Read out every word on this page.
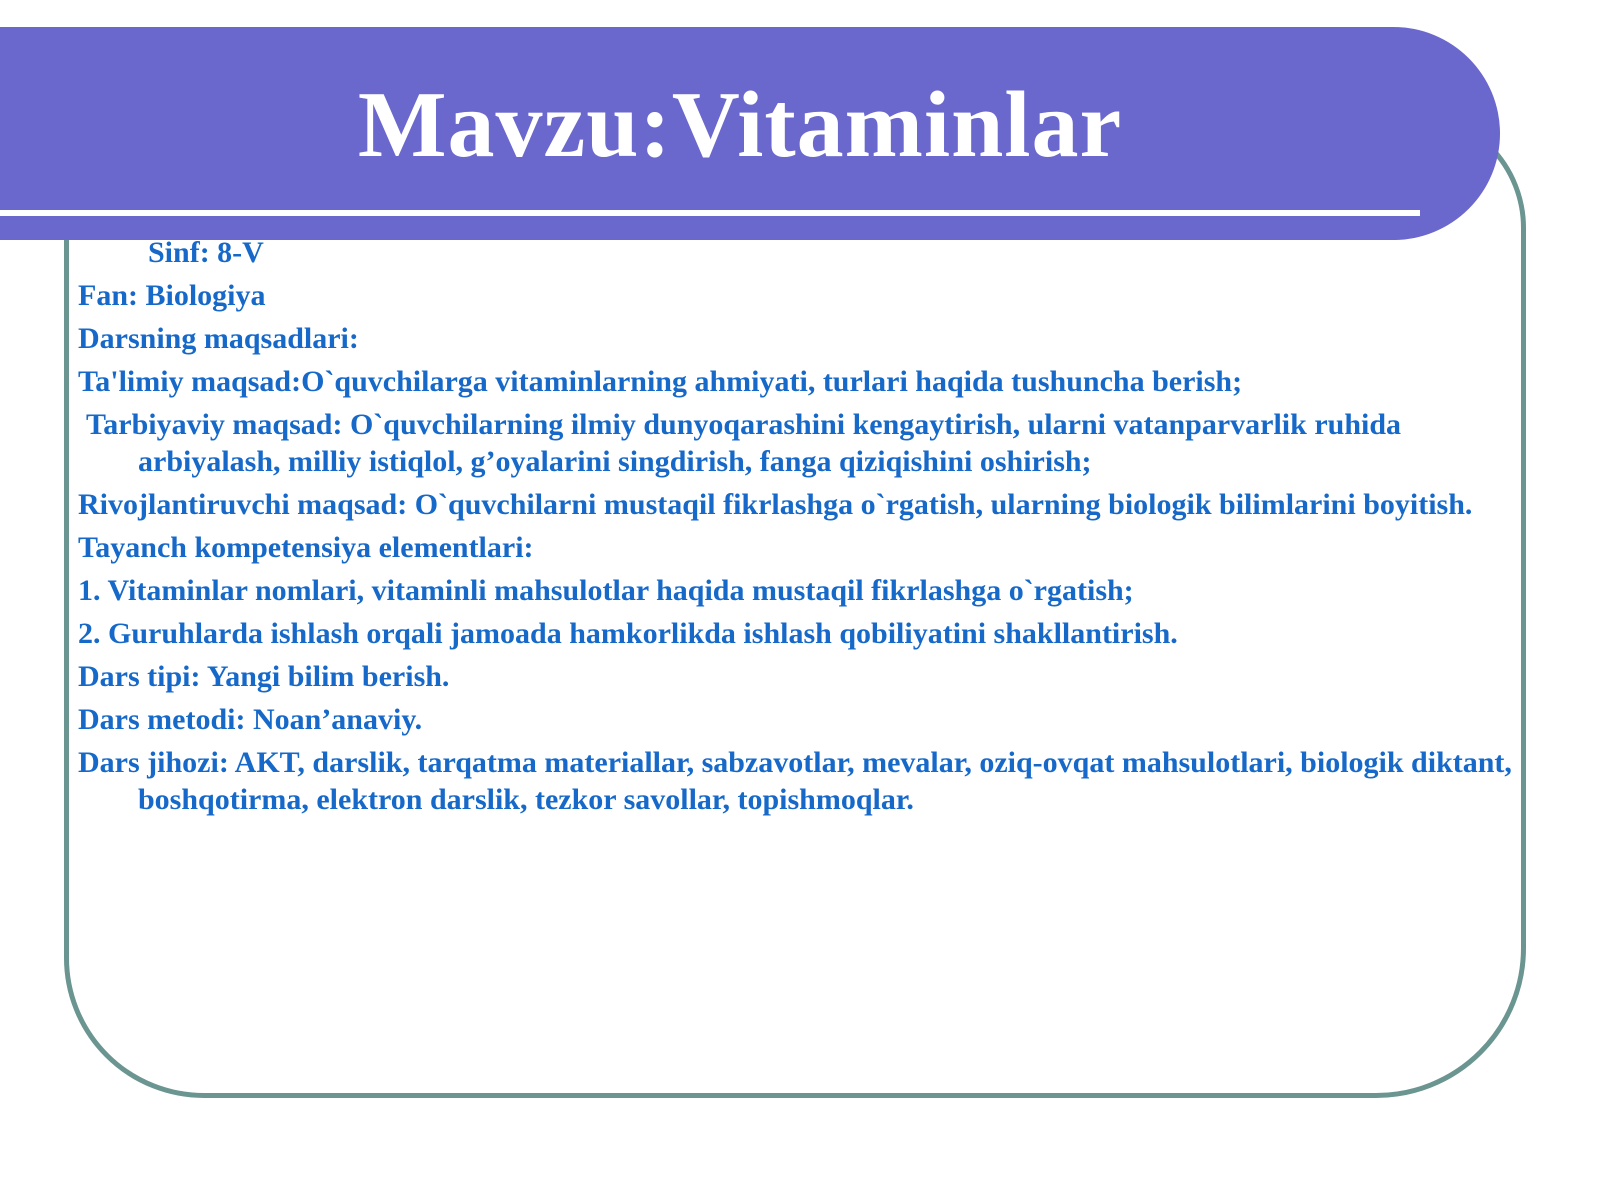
Mavzu:Vitaminlar

Sinf: 8-V

Fan: Biologiya

Darsning maqsadlari:

Ta'limiy maqsad:O`quvchilarga vitaminlarning ahmiyati, turlari haqida tushuncha berish;

Tarbiyaviy maqsad: O`quvchilarning ilmiy dunyoqarashini kengaytirish, ularni vatanparvarlik ruhida arbiyalash, milliy istiqlol, g’oyalarini singdirish, fanga qiziqishini oshirish;

Rivojlantiruvchi maqsad: O`quvchilarni mustaqil fikrlashga o`rgatish, ularning biologik bilimlarini boyitish.

Tayanch kompetensiya elementlari:

1. Vitaminlar nomlari, vitaminli mahsulotlar haqida mustaqil fikrlashga o`rgatish;

2. Guruhlarda ishlash orqali jamoada hamkorlikda ishlash qobiliyatini shakllantirish.

Dars tipi: Yangi bilim berish.

Dars metodi: Noan’anaviy.

Dars jihozi: AKT, darslik, tarqatma materiallar, sabzavotlar, mevalar, oziq-ovqat mahsulotlari, biologik diktant, boshqotirma, elektron darslik, tezkor savollar, topishmoqlar.
